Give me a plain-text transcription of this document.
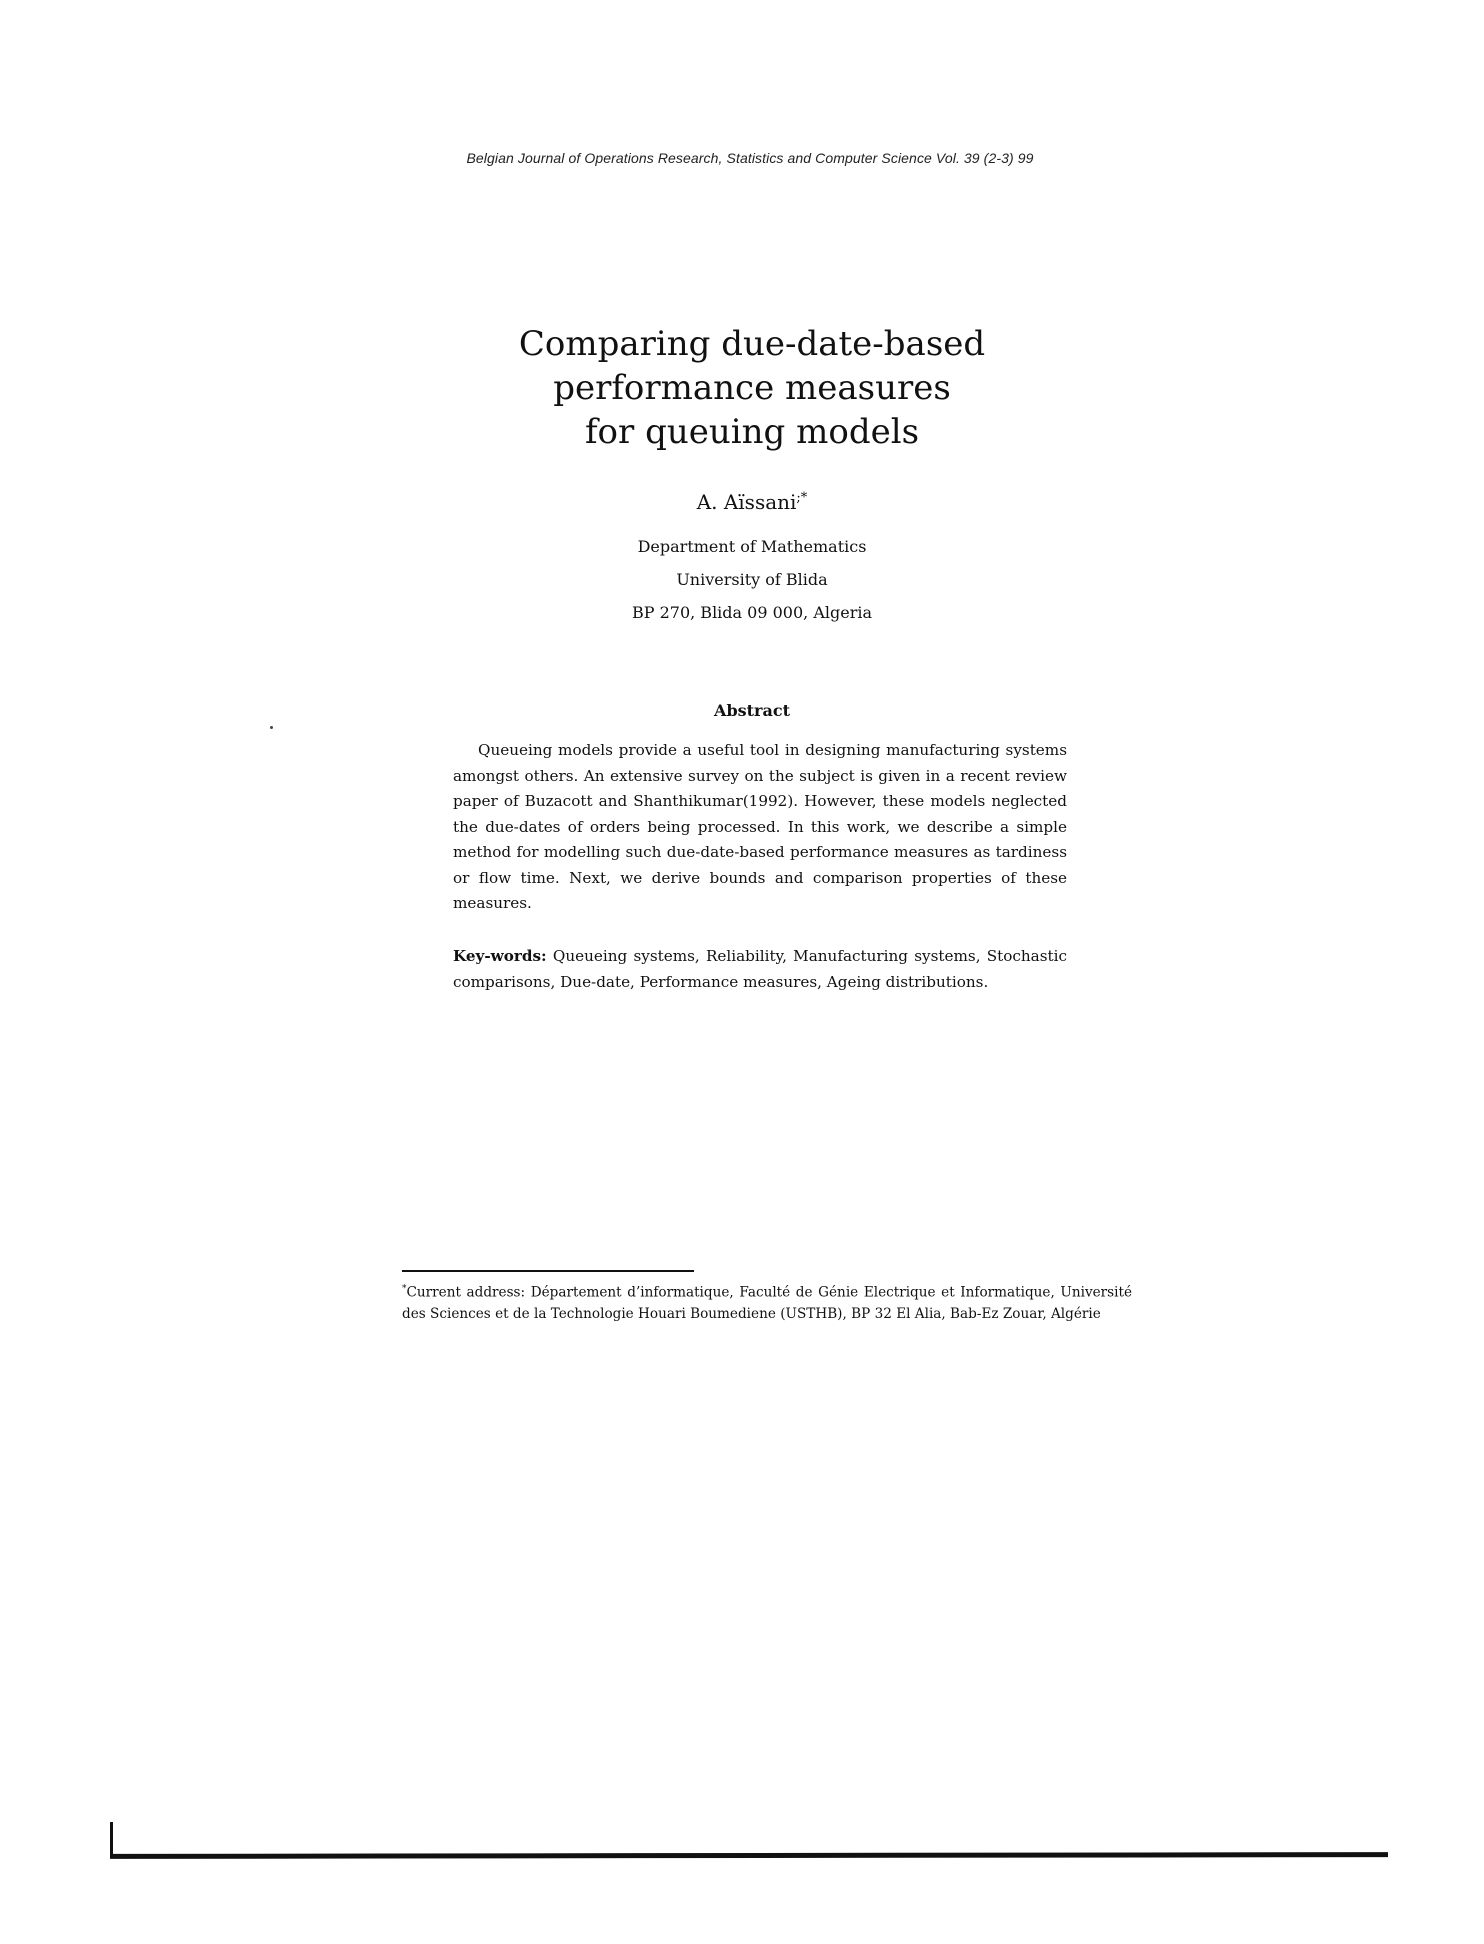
Belgian Journal of Operations Research, Statistics and Computer Science Vol. 39 (2-3) 99
Comparing due-date-based
performance measures
for queuing models
A. Aïssani;*
Department of Mathematics
University of Blida
BP 270, Blida 09 000, Algeria
Abstract

Queueing models provide a useful tool in designing manufacturing systems amongst others. An extensive survey on the subject is given in a recent review paper of Buzacott and Shanthikumar(1992). However, these models neglected the due-dates of orders being processed. In this work, we describe a simple method for modelling such due-date-based performance measures as tardiness or flow time. Next, we derive bounds and comparison properties of these measures.

Key-words: Queueing systems, Reliability, Manufacturing systems, Stochastic comparisons, Due-date, Performance measures, Ageing distributions.

*Current address: Département d’informatique, Faculté de Génie Electrique et Informatique, Université des Sciences et de la Technologie Houari Boumediene (USTHB), BP 32 El Alia, Bab-Ez Zouar, Algérie
